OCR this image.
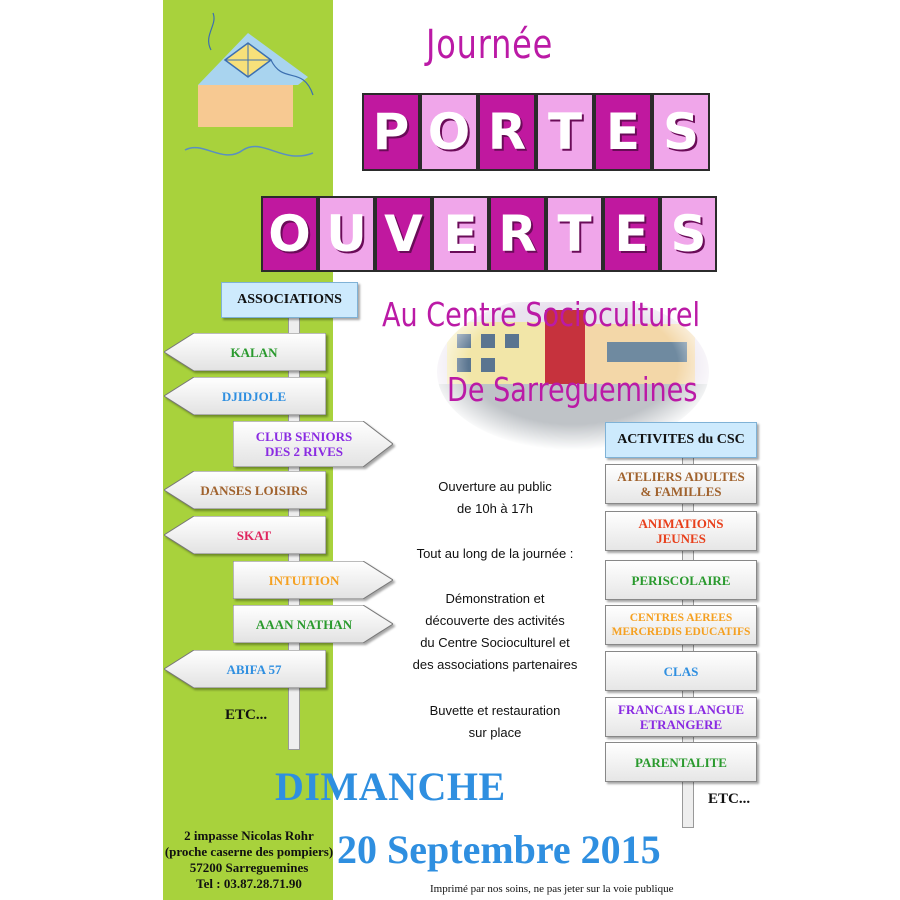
Journée
P O R T E S
O U V E R T E S
Au Centre Socioculturel
De Sarreguemines
ASSOCIATIONS
KALAN
DJIDJOLE
CLUB SENIORS
DES 2 RIVES
DANSES LOISIRS
SKAT
INTUITION
AAAN NATHAN
ABIFA 57
ETC...
ACTIVITES du CSC
ATELIERS ADULTES
& FAMILLES
ANIMATIONS
JEUNES
PERISCOLAIRE
CENTRES AEREES
MERCREDIS EDUCATIFS
CLAS
FRANCAIS LANGUE
ETRANGERE
PARENTALITE
ETC...
Ouverture au public
de 10h à 17h
Tout au long de la journée :
Démonstration et
découverte des activités
du Centre Socioculturel et
des associations partenaires
Buvette et restauration
sur place
DIMANCHE
20 Septembre 2015
2 impasse Nicolas Rohr
(proche caserne des pompiers)
57200 Sarreguemines
Tel : 03.87.28.71.90	Imprimé par nos soins, ne pas jeter sur la voie publique
